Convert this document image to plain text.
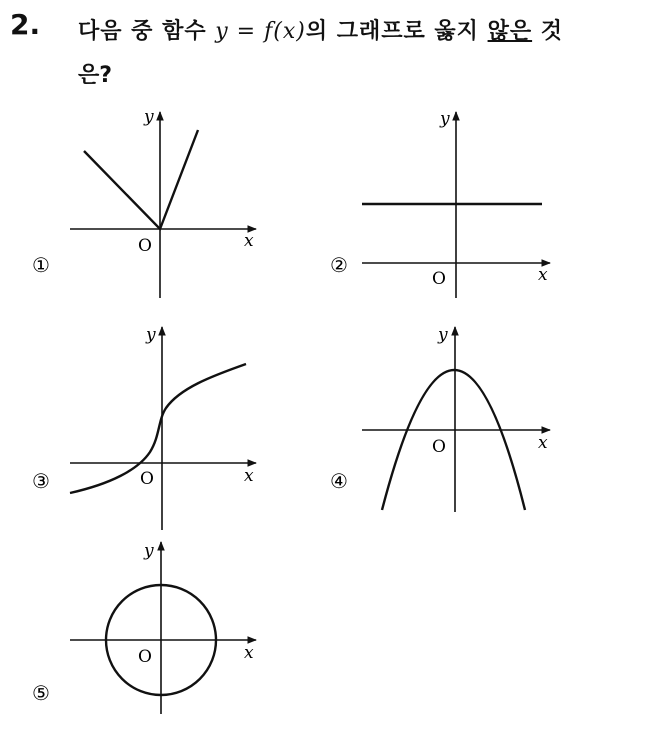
2. 다음 중 함수 y = f(x)의 그래프로 옳지 않은 것
은?
y
x
O
①
y
x
O
②
y
x
O
③
y
x
O
④
y
x
O
⑤
